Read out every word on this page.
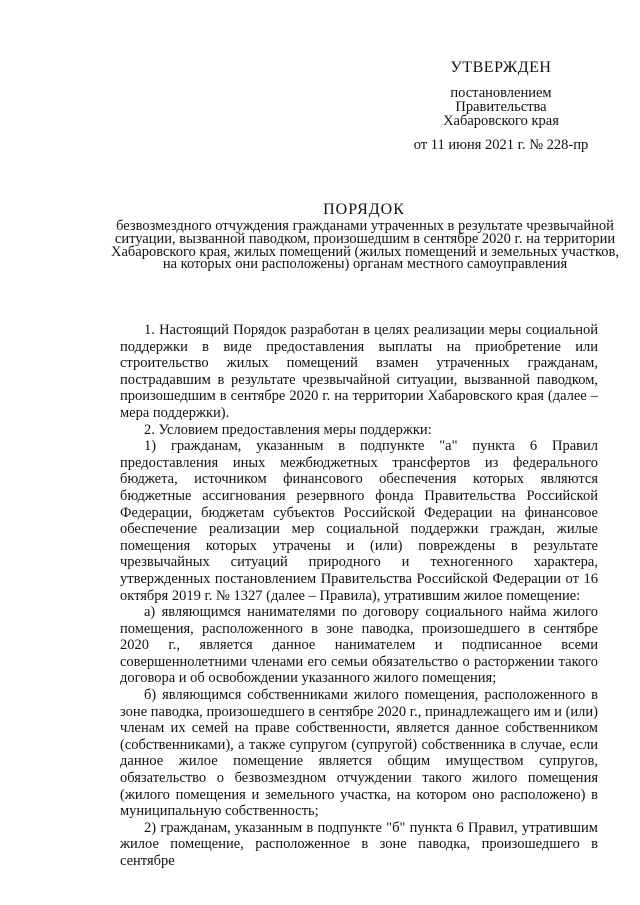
УТВЕРЖДЕН
постановлением
Правительства
Хабаровского края
от 11 июня 2021 г. № 228-пр
ПОРЯДОК
безвозмездного отчуждения гражданами утраченных в результате чрезвычайной ситуации, вызванной паводком, произошедшим в сентябре 2020 г. на территории Хабаровского края, жилых помещений (жилых помещений и земельных участков, на которых они расположены) органам местного самоуправления

1. Настоящий Порядок разработан в целях реализации меры социальной поддержки в виде предоставления выплаты на приобретение или строительство жилых помещений взамен утраченных гражданам, пострадавшим в результате чрезвычайной ситуации, вызванной паводком, произошедшим в сентябре 2020 г. на территории Хабаровского края (далее – мера поддержки).

2. Условием предоставления меры поддержки:

1) гражданам, указанным в подпункте "а" пункта 6 Правил предоставления иных межбюджетных трансфертов из федерального бюджета, источником финансового обеспечения которых являются бюджетные ассигнования резервного фонда Правительства Российской Федерации, бюджетам субъектов Российской Федерации на финансовое обеспечение реализации мер социальной поддержки граждан, жилые помещения которых утрачены и (или) повреждены в результате чрезвычайных ситуаций природного и техногенного характера, утвержденных постановлением Правительства Российской Федерации от 16 октября 2019 г. № 1327 (далее – Правила), утратившим жилое помещение:

а) являющимся нанимателями по договору социального найма жилого помещения, расположенного в зоне паводка, произошедшего в сентябре 2020 г., является данное нанимателем и подписанное всеми совершеннолетними членами его семьи обязательство о расторжении такого договора и об освобождении указанного жилого помещения;

б) являющимся собственниками жилого помещения, расположенного в зоне паводка, произошедшего в сентябре 2020 г., принадлежащего им и (или) членам их семей на праве собственности, является данное собственником (собственниками), а также супругом (супругой) собственника в случае, если данное жилое помещение является общим имуществом супругов, обязательство о безвозмездном отчуждении такого жилого помещения (жилого помещения и земельного участка, на котором оно расположено) в муниципальную собственность;

2) гражданам, указанным в подпункте "б" пункта 6 Правил, утратившим жилое помещение, расположенное в зоне паводка, произошедшего в сентябре
